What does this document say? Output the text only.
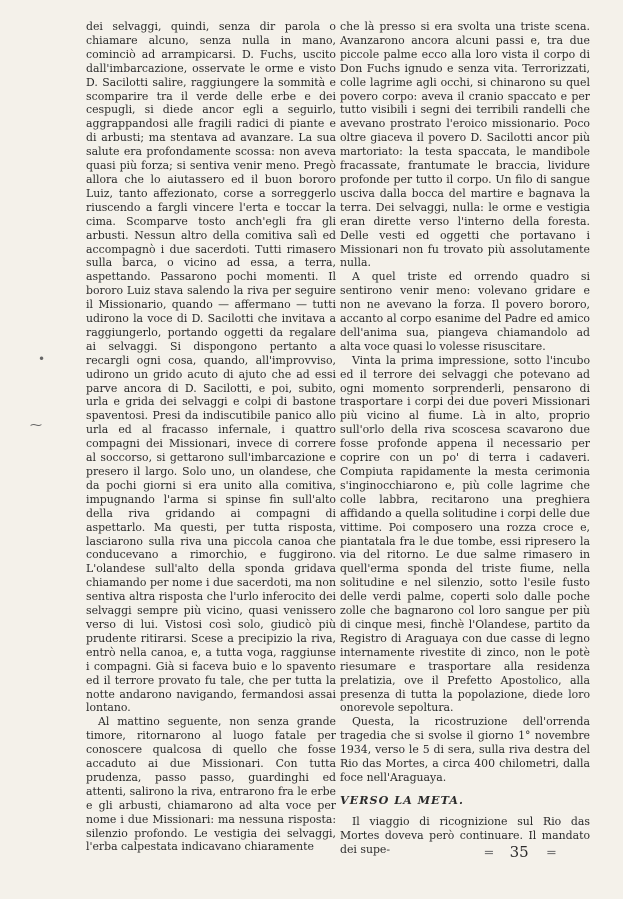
dei selvaggi, quindi, senza dir parola o chiamare alcuno, senza nulla in mano, cominciò ad arrampicarsi. D. Fuchs, uscito dall'imbarcazione, osservate le orme e visto D. Sacilotti salire, raggiungere la sommità e scomparire tra il verde delle erbe e dei cespugli, si diede ancor egli a seguirlo, aggrappandosi alle fragili radici di piante e di arbusti; ma stentava ad avanzare. La sua salute era profondamente scossa: non aveva quasi più forza; si sentiva venir meno. Pregò allora che lo aiutassero ed il buon bororo Luiz, tanto affezionato, corse a sorreggerlo riuscendo a fargli vincere l'erta e toccar la cima. Scomparve tosto anch'egli fra gli arbusti. Nessun altro della comitiva salì ed accompagnò i due sacerdoti. Tutti rimasero sulla barca, o vicino ad essa, a terra, aspettando. Passarono pochi momenti. Il bororo Luiz stava salendo la riva per seguire il Missionario, quando — affermano — tutti udirono la voce di D. Sacilotti che invitava a raggiungerlo, portando oggetti da regalare ai selvaggi. Si dispongono pertanto a recargli ogni cosa, quando, all'improvviso, udirono un grido acuto di ajuto che ad essi parve ancora di D. Sacilotti, e poi, subito, urla e grida dei selvaggi e colpi di bastone spaventosi. Presi da indiscutibile panico allo urla ed al fracasso infernale, i quattro compagni dei Missionari, invece di correre al soccorso, si gettarono sull'imbarcazione e presero il largo. Solo uno, un olandese, che da pochi giorni si era unito alla comitiva, impugnando l'arma si spinse fin sull'alto della riva gridando ai compagni di aspettarlo. Ma questi, per tutta risposta, lasciarono sulla riva una piccola canoa che conducevano a rimorchio, e fuggirono. L'olandese sull'alto della sponda gridava chiamando per nome i due sacerdoti, ma non sentiva altra risposta che l'urlo inferocito dei selvaggi sempre più vicino, quasi venissero verso di lui. Vistosi così solo, giudicò più prudente ritirarsi. Scese a precipizio la riva, entrò nella canoa, e, a tutta voga, raggiunse i compagni. Già si faceva buio e lo spavento ed il terrore provato fu tale, che per tutta la notte andarono navigando, fermandosi assai lontano.

Al mattino seguente, non senza grande timore, ritornarono al luogo fatale per conoscere qualcosa di quello che fosse accaduto ai due Missionari. Con tutta prudenza, passo passo, guardinghi ed attenti, salirono la riva, entrarono fra le erbe e gli arbusti, chiamarono ad alta voce per nome i due Missionari: ma nessuna risposta: silenzio profondo. Le vestigia dei selvaggi, l'erba calpestata indicavano chiaramente

che là presso si era svolta una triste scena. Avanzarono ancora alcuni passi e, tra due piccole palme ecco alla loro vista il corpo di Don Fuchs ignudo e senza vita. Terrorizzati, colle lagrime agli occhi, si chinarono su quel povero corpo: aveva il cranio spaccato e per tutto visibili i segni dei terribili randelli che avevano prostrato l'eroico missionario. Poco oltre giaceva il povero D. Sacilotti ancor più martoriato: la testa spaccata, le mandibole fracassate, frantumate le braccia, lividure profonde per tutto il corpo. Un filo di sangue usciva dalla bocca del martire e bagnava la terra. Dei selvaggi, nulla: le orme e vestigia eran dirette verso l'interno della foresta. Delle vesti ed oggetti che portavano i Missionari non fu trovato più assolutamente nulla.

A quel triste ed orrendo quadro si sentirono venir meno: volevano gridare e non ne avevano la forza. Il povero bororo, accanto al corpo esanime del Padre ed amico dell'anima sua, piangeva chiamandolo ad alta voce quasi lo volesse risuscitare.

Vinta la prima impressione, sotto l'incubo ed il terrore dei selvaggi che potevano ad ogni momento sorprenderli, pensarono di trasportare i corpi dei due poveri Missionari più vicino al fiume. Là in alto, proprio sull'orlo della riva scoscesa scavarono due fosse profonde appena il necessario per coprire con un po' di terra i cadaveri. Compiuta rapidamente la mesta cerimonia s'inginocchiarono e, più colle lagrime che colle labbra, recitarono una preghiera affidando a quella solitudine i corpi delle due vittime. Poi composero una rozza croce e, piantatala fra le due tombe, essi ripresero la via del ritorno. Le due salme rimasero in quell'erma sponda del triste fiume, nella solitudine e nel silenzio, sotto l'esile fusto delle verdi palme, coperti solo dalle poche zolle che bagnarono col loro sangue per più di cinque mesi, finchè l'Olandese, partito da Registro di Araguaya con due casse di legno internamente rivestite di zinco, non le potè riesumare e trasportare alla residenza prelatizia, ove il Prefetto Apostolico, alla presenza di tutta la popolazione, diede loro onorevole sepoltura.

Questa, la ricostruzione dell'orrenda tragedia che si svolse il giorno 1° novembre 1934, verso le 5 di sera, sulla riva destra del Rio das Mortes, a circa 400 chilometri, dalla foce nell'Araguaya.

VERSO LA META.

Il viaggio di ricognizione sul Rio das Mortes doveva però continuare. Il mandato dei supe-

•
⁓
═ 35 ═
